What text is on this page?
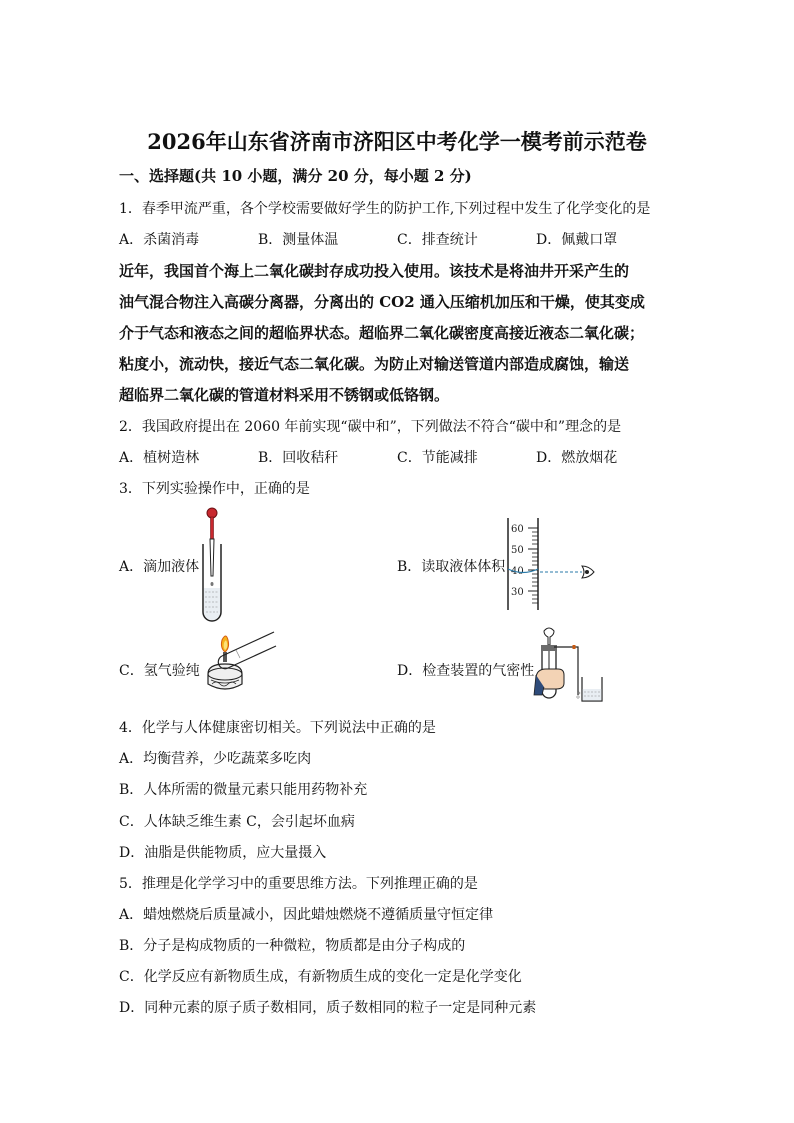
2026年山东省济南市济阳区中考化学一模考前示范卷
一、选择题(共 10 小题，满分 20 分，每小题 2 分)
1．春季甲流严重，各个学校需要做好学生的防护工作,下列过程中发生了化学变化的是
A．杀菌消毒	B．测量体温	C．排查统计	D．佩戴口罩
近年，我国首个海上二氧化碳封存成功投入使用。该技术是将油井开采产生的
油气混合物注入高碳分离器，分离出的 CO2 通入压缩机加压和干燥，使其变成
介于气态和液态之间的超临界状态。超临界二氧化碳密度高接近液态二氧化碳；
粘度小，流动快，接近气态二氧化碳。为防止对输送管道内部造成腐蚀，输送
超临界二氧化碳的管道材料采用不锈钢或低铬钢。
2．我国政府提出在 2060 年前实现“碳中和”，下列做法不符合“碳中和”理念的是
A．植树造林	B．回收秸秆	C．节能减排	D．燃放烟花
3．下列实验操作中，正确的是
A．滴加液体	B．读取液体体积
60
50
40
30
C．氢气验纯	D．检查装置的气密性
4．化学与人体健康密切相关。下列说法中正确的是
A．均衡营养，少吃蔬菜多吃肉
B．人体所需的微量元素只能用药物补充
C．人体缺乏维生素 C，会引起坏血病
D．油脂是供能物质，应大量摄入
5．推理是化学学习中的重要思维方法。下列推理正确的是
A．蜡烛燃烧后质量减小，因此蜡烛燃烧不遵循质量守恒定律
B．分子是构成物质的一种微粒，物质都是由分子构成的
C．化学反应有新物质生成，有新物质生成的变化一定是化学变化
D．同种元素的原子质子数相同，质子数相同的粒子一定是同种元素
